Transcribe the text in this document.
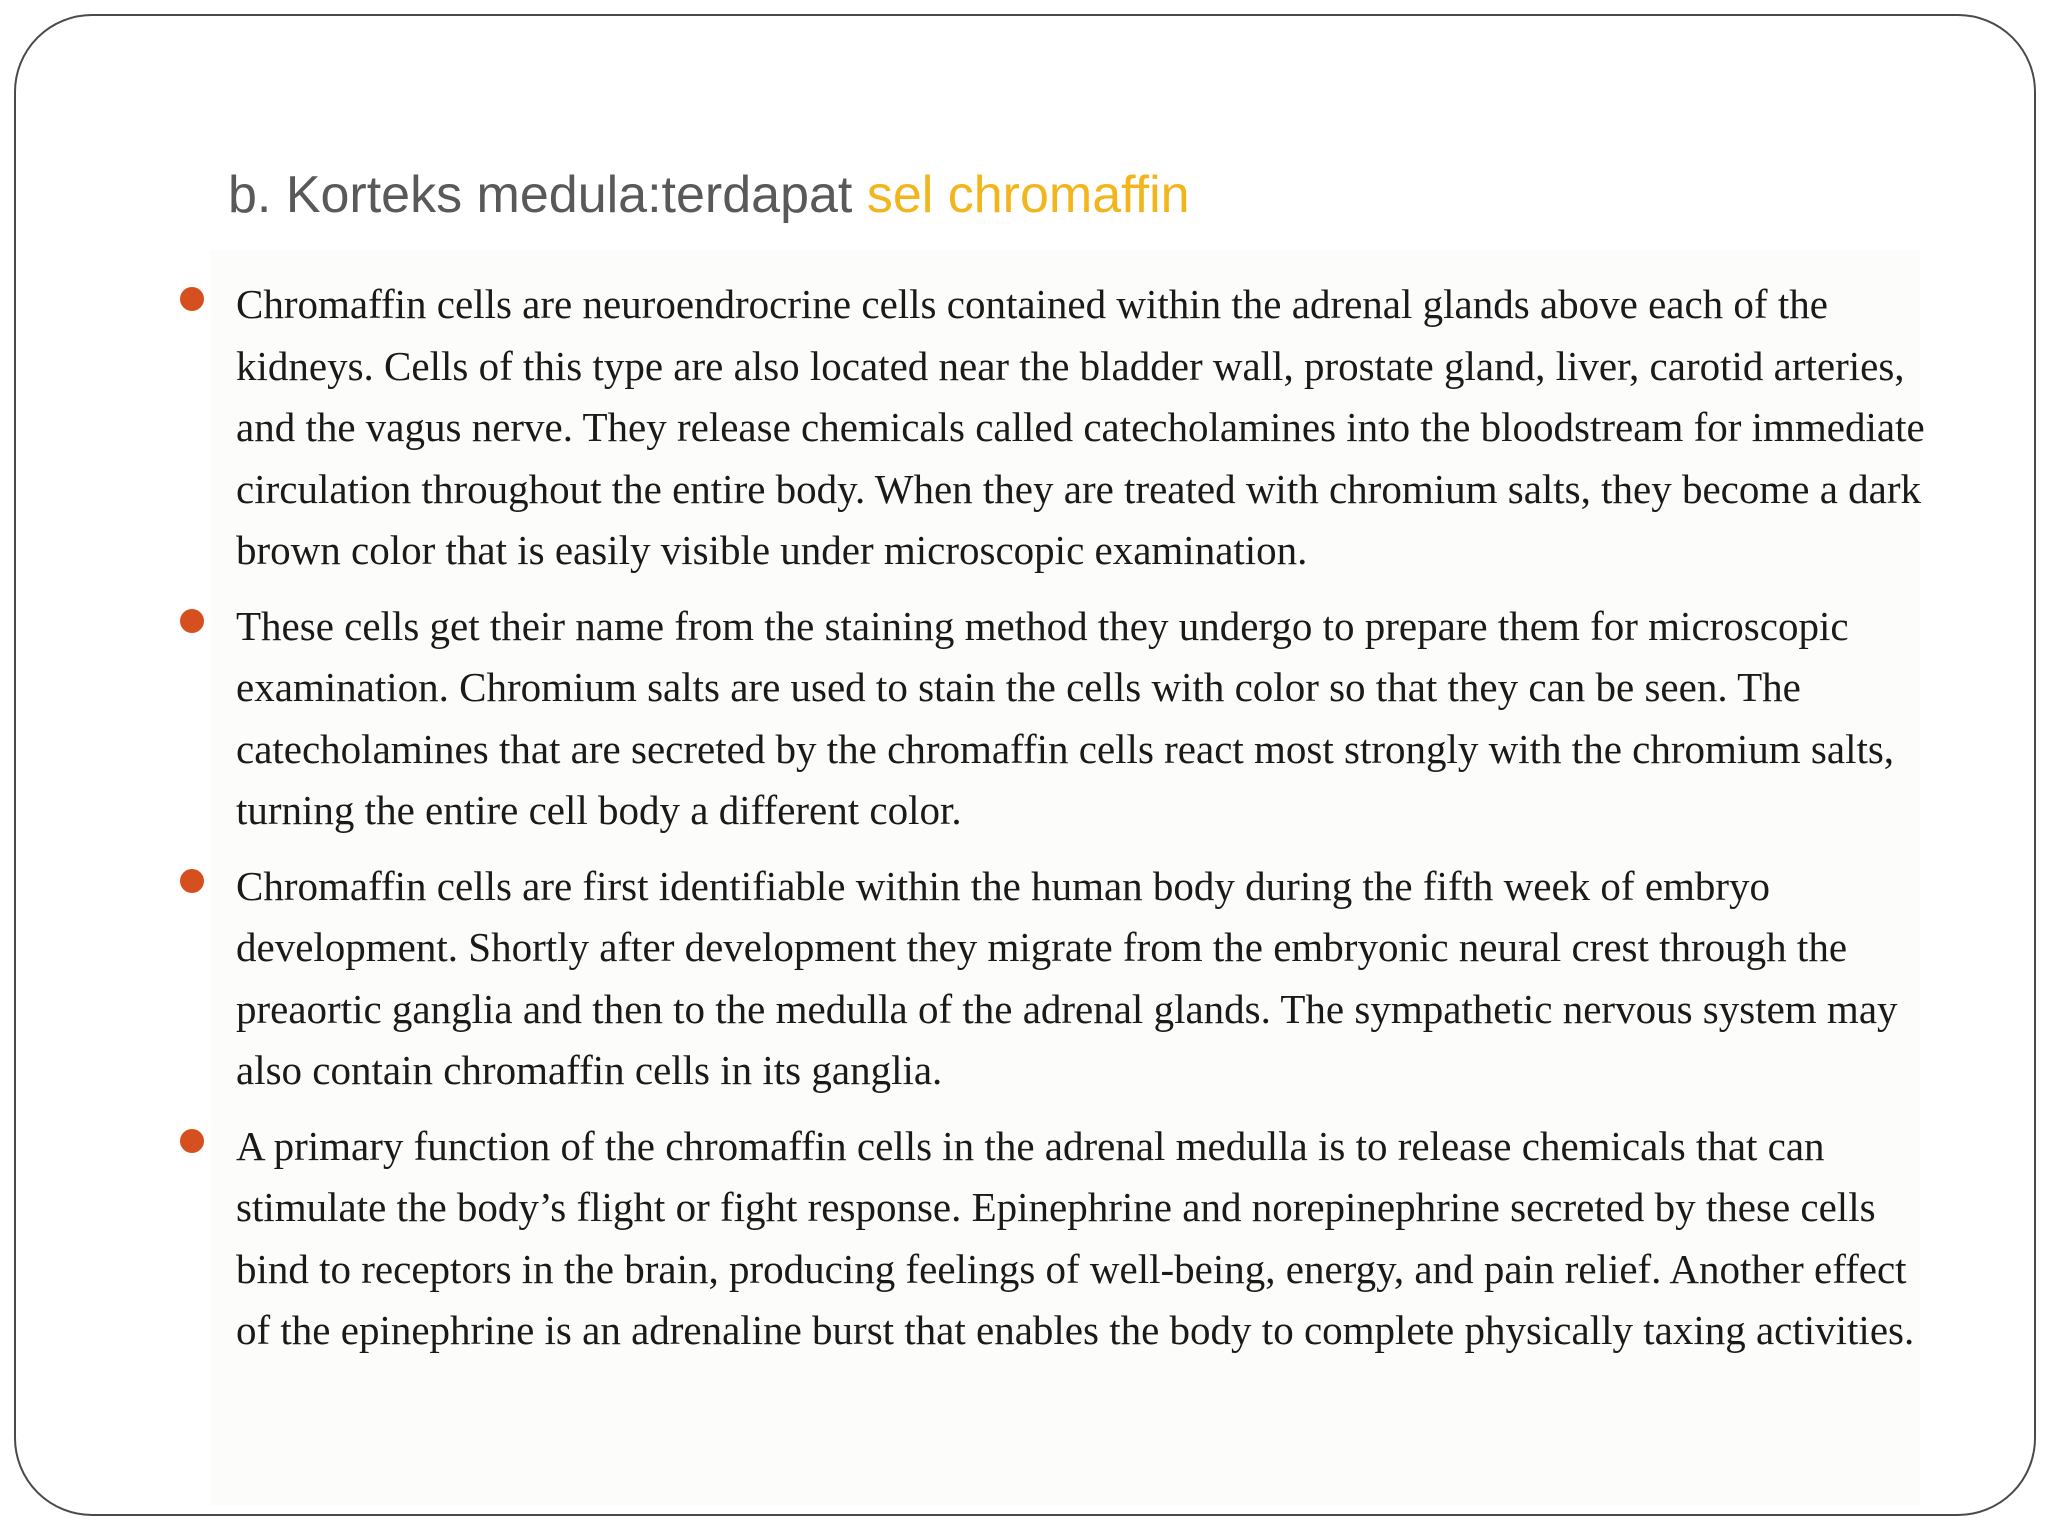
b. Korteks medula:terdapat sel chromaffin
Chromaffin cells are neuroendrocrine cells contained within the adrenal glands above each of the kidneys. Cells of this type are also located near the bladder wall, prostate gland, liver, carotid arteries, and the vagus nerve. They release chemicals called catecholamines into the bloodstream for immediate circulation throughout the entire body. When they are treated with chromium salts, they become a dark brown color that is easily visible under microscopic examination.
These cells get their name from the staining method they undergo to prepare them for microscopic examination. Chromium salts are used to stain the cells with color so that they can be seen. The catecholamines that are secreted by the chromaffin cells react most strongly with the chromium salts, turning the entire cell body a different color.
Chromaffin cells are first identifiable within the human body during the fifth week of embryo development. Shortly after development they migrate from the embryonic neural crest through the preaortic ganglia and then to the medulla of the adrenal glands. The sympathetic nervous system may also contain chromaffin cells in its ganglia.
A primary function of the chromaffin cells in the adrenal medulla is to release chemicals that can stimulate the body’s flight or fight response. Epinephrine and norepinephrine secreted by these cells bind to receptors in the brain, producing feelings of well-being, energy, and pain relief. Another effect of the epinephrine is an adrenaline burst that enables the body to complete physically taxing activities.
